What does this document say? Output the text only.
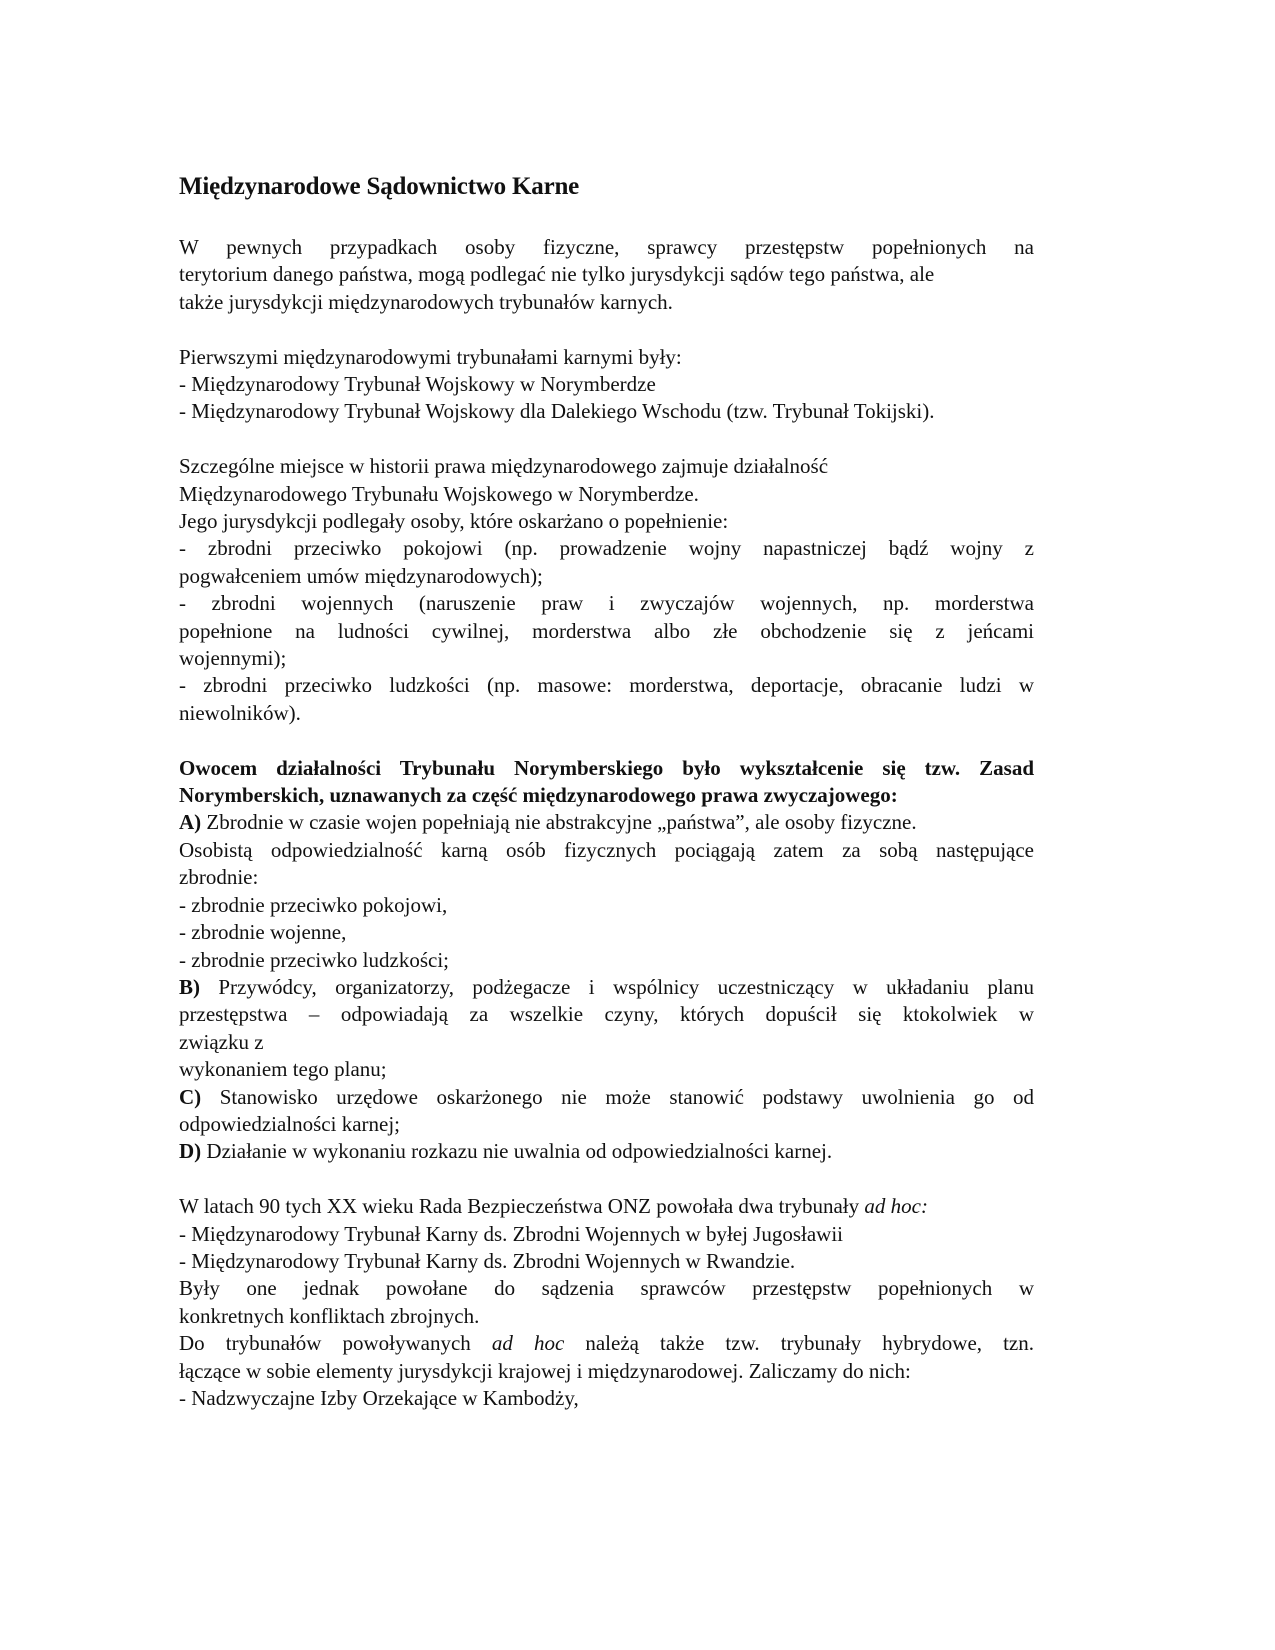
Międzynarodowe Sądownictwo Karne
W pewnych przypadkach osoby fizyczne, sprawcy przestępstw popełnionych na
terytorium danego państwa, mogą podlegać nie tylko jurysdykcji sądów tego państwa, ale
także jurysdykcji międzynarodowych trybunałów karnych.
Pierwszymi międzynarodowymi trybunałami karnymi były:
- Międzynarodowy Trybunał Wojskowy w Norymberdze
- Międzynarodowy Trybunał Wojskowy dla Dalekiego Wschodu (tzw. Trybunał Tokijski).
Szczególne miejsce w historii prawa międzynarodowego zajmuje działalność
Międzynarodowego Trybunału Wojskowego w Norymberdze.
Jego jurysdykcji podlegały osoby, które oskarżano o popełnienie:
- zbrodni przeciwko pokojowi (np. prowadzenie wojny napastniczej bądź wojny z
pogwałceniem umów międzynarodowych);
- zbrodni wojennych (naruszenie praw i zwyczajów wojennych, np. morderstwa
popełnione na ludności cywilnej, morderstwa albo złe obchodzenie się z jeńcami
wojennymi);
- zbrodni przeciwko ludzkości (np. masowe: morderstwa, deportacje, obracanie ludzi w
niewolników).
Owocem działalności Trybunału Norymberskiego było wykształcenie się tzw. Zasad
Norymberskich, uznawanych za część międzynarodowego prawa zwyczajowego:
A) Zbrodnie w czasie wojen popełniają nie abstrakcyjne „państwa”, ale osoby fizyczne.
Osobistą odpowiedzialność karną osób fizycznych pociągają zatem za sobą następujące
zbrodnie:
- zbrodnie przeciwko pokojowi,
- zbrodnie wojenne,
- zbrodnie przeciwko ludzkości;
B) Przywódcy, organizatorzy, podżegacze i wspólnicy uczestniczący w układaniu planu
przestępstwa – odpowiadają za wszelkie czyny, których dopuścił się ktokolwiek w
związku z
wykonaniem tego planu;
C) Stanowisko urzędowe oskarżonego nie może stanowić podstawy uwolnienia go od
odpowiedzialności karnej;
D) Działanie w wykonaniu rozkazu nie uwalnia od odpowiedzialności karnej.
W latach 90 tych XX wieku Rada Bezpieczeństwa ONZ powołała dwa trybunały ad hoc:
- Międzynarodowy Trybunał Karny ds. Zbrodni Wojennych w byłej Jugosławii
- Międzynarodowy Trybunał Karny ds. Zbrodni Wojennych w Rwandzie.
Były one jednak powołane do sądzenia sprawców przestępstw popełnionych w
konkretnych konfliktach zbrojnych.
Do trybunałów powoływanych ad hoc należą także tzw. trybunały hybrydowe, tzn.
łączące w sobie elementy jurysdykcji krajowej i międzynarodowej. Zaliczamy do nich:
- Nadzwyczajne Izby Orzekające w Kambodży,
